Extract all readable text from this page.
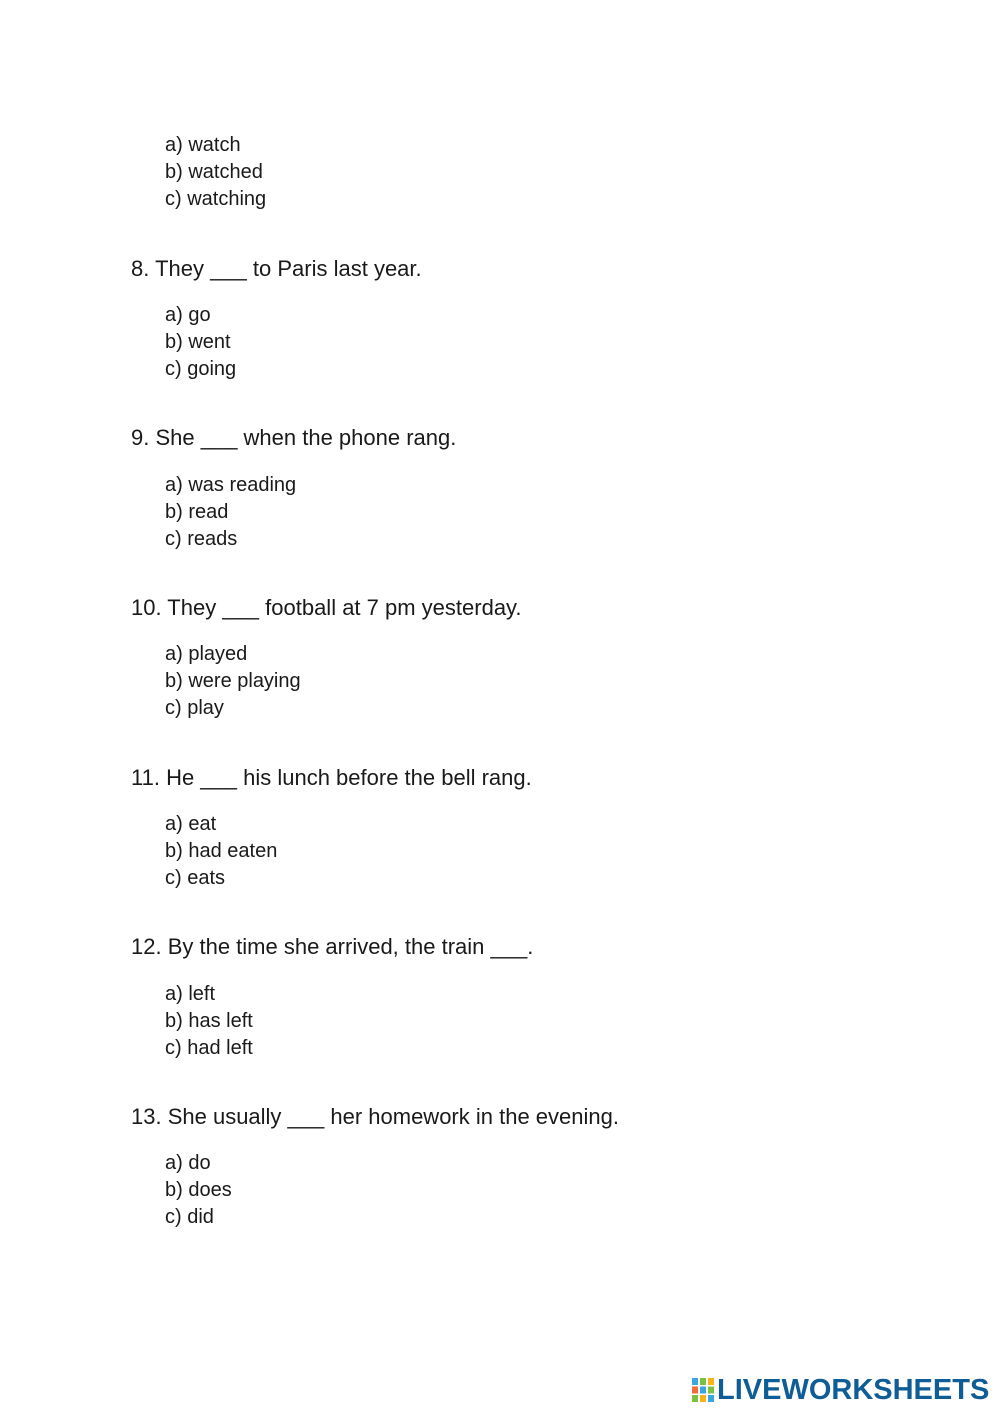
a) watch
b) watched
c) watching
8. They ___ to Paris last year.
a) go
b) went
c) going
9. She ___ when the phone rang.
a) was reading
b) read
c) reads
10. They ___ football at 7 pm yesterday.
a) played
b) were playing
c) play
11. He ___ his lunch before the bell rang.
a) eat
b) had eaten
c) eats
12. By the time she arrived, the train ___.
a) left
b) has left
c) had left
13. She usually ___ her homework in the evening.
a) do
b) does
c) did
LIVEWORKSHEETS
